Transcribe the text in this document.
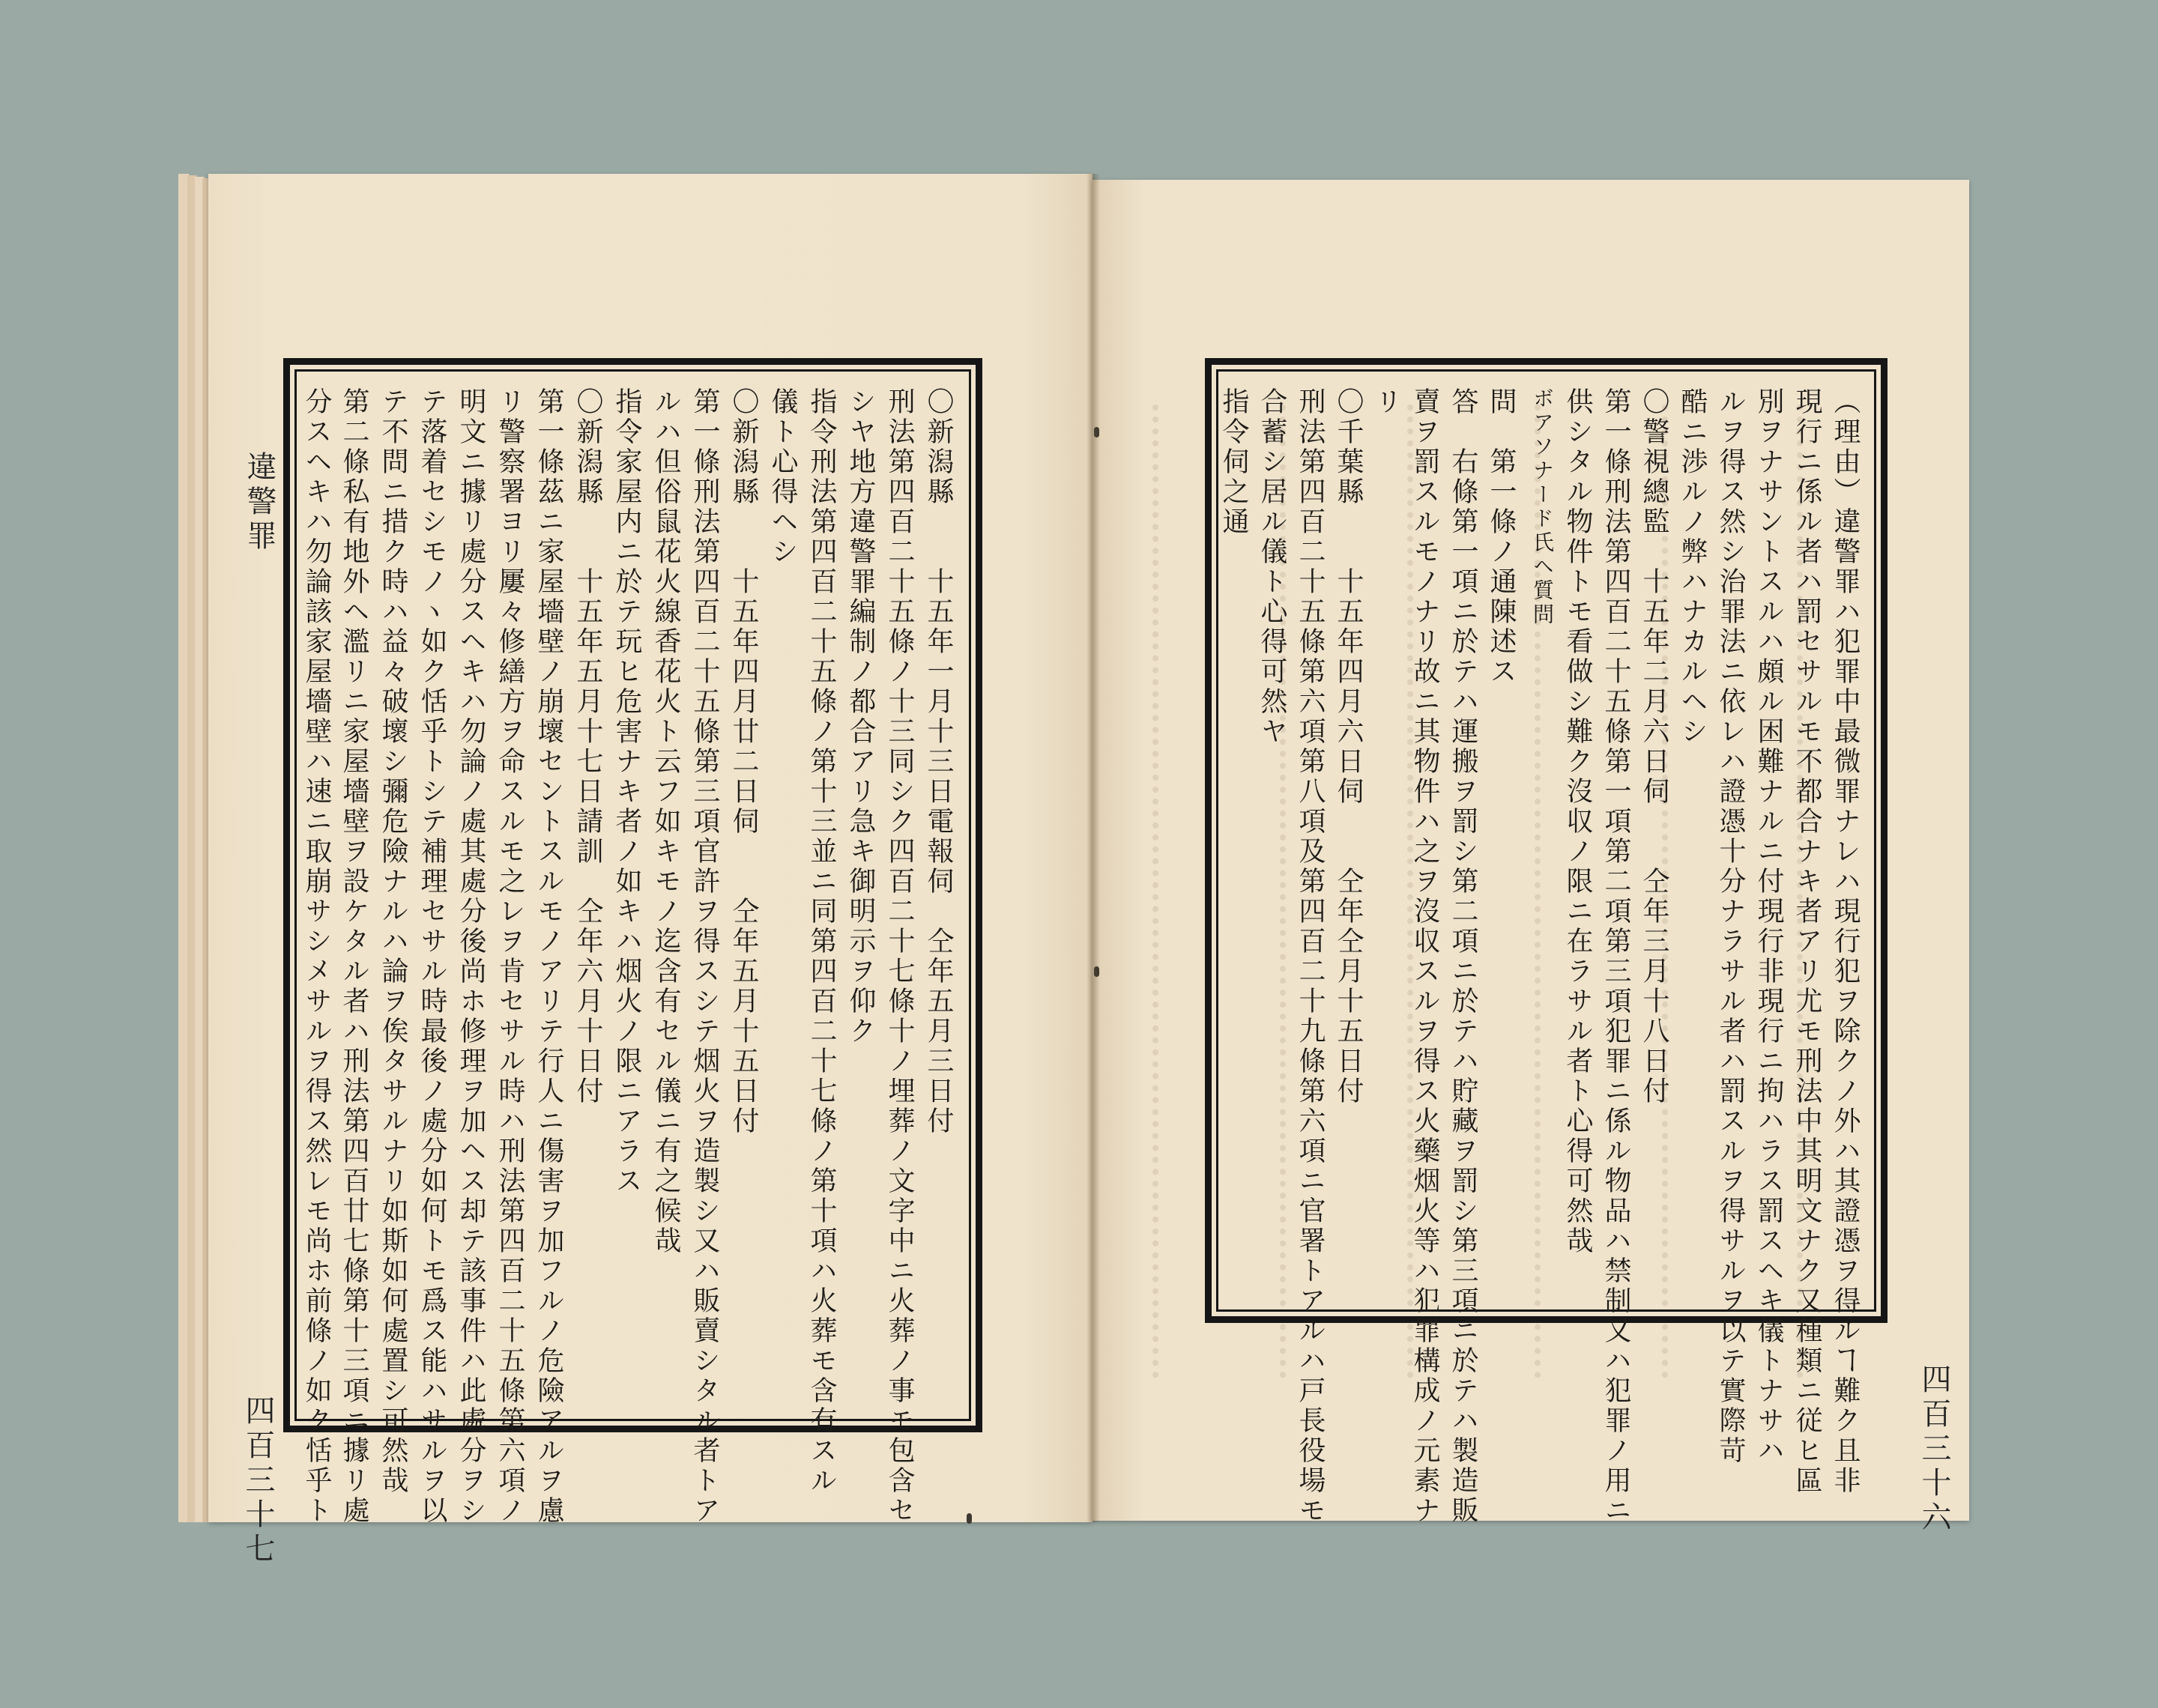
違警罪
四百三十七	四百三十六
〇新潟縣　　十五年一月十三日電報伺　仝年五月三日付
刑法第四百二十五條ノ十三同シク四百二十七條十ノ埋葬ノ文字中ニ火葬ノ事モ包含セ
シヤ地方違警罪編制ノ都合アリ急キ御明示ヲ仰ク
指令刑法第四百二十五條ノ第十三並ニ同第四百二十七條ノ第十項ハ火葬モ含有スル
儀ト心得ヘシ
〇新潟縣　　十五年四月廿二日伺　　仝年五月十五日付
第一條刑法第四百二十五條第三項官許ヲ得スシテ烟火ヲ造製シ又ハ販賣シタル者トア
ルハ但俗鼠花火線香花火ト云フ如キモノ迄含有セル儀ニ有之候哉
指令家屋内ニ於テ玩ヒ危害ナキ者ノ如キハ烟火ノ限ニアラス
〇新潟縣　　十五年五月十七日請訓　仝年六月十日付
第一條茲ニ家屋墻壁ノ崩壞セントスルモノアリテ行人ニ傷害ヲ加フルノ危險アルヲ慮
リ警察署ヨリ屢々修繕方ヲ命スルモ之レヲ肯セサル時ハ刑法第四百二十五條第六項ノ
明文ニ據リ處分スヘキハ勿論ノ處其處分後尚ホ修理ヲ加ヘス却テ該事件ハ此處分ヲシ
テ落着セシモノヽ如ク恬乎トシテ補理セサル時最後ノ處分如何トモ爲ス能ハサルヲ以
テ不問ニ措ク時ハ益々破壞シ彌危險ナルハ論ヲ俟タサルナリ如斯如何處置シ可然哉
第二條私有地外ヘ濫リニ家屋墻壁ヲ設ケタル者ハ刑法第四百廿七條第十三項ニ據リ處
分スヘキハ勿論該家屋墻壁ハ速ニ取崩サシメサルヲ得ス然レモ尚ホ前條ノ如ク恬乎ト	（理由）違警罪ハ犯罪中最微罪ナレハ現行犯ヲ除クノ外ハ其證憑ヲ得ルヿ難ク且非
現行ニ係ル者ハ罰セサルモ不都合ナキ者アリ尤モ刑法中其明文ナク又種類ニ従ヒ區
別ヲナサントスルハ頗ル困難ナルニ付現行非現行ニ拘ハラス罰スヘキ儀トナサハ
ルヲ得ス然シ治罪法ニ依レハ證憑十分ナラサル者ハ罰スルヲ得サルヲ以テ實際苛
酷ニ渉ルノ弊ハナカルヘシ
〇警視總監　十五年二月六日伺　　仝年三月十八日付
第一條刑法第四百二十五條第一項第二項第三項犯罪ニ係ル物品ハ禁制又ハ犯罪ノ用ニ
供シタル物件トモ看做シ難ク沒収ノ限ニ在ラサル者ト心得可然哉
ボアソナード氏ヘ質問
問　第一條ノ通陳述ス
答　右條第一項ニ於テハ運搬ヲ罰シ第二項ニ於テハ貯藏ヲ罰シ第三項ニ於テハ製造販
賣ヲ罰スルモノナリ故ニ其物件ハ之ヲ沒収スルヲ得ス火藥烟火等ハ犯罪構成ノ元素ナ
リ
〇千葉縣　　十五年四月六日伺　　仝年仝月十五日付
刑法第四百二十五條第六項第八項及第四百二十九條第六項ニ官署トアルハ戸長役場モ
合蓄シ居ル儀ト心得可然ヤ
指令伺之通
